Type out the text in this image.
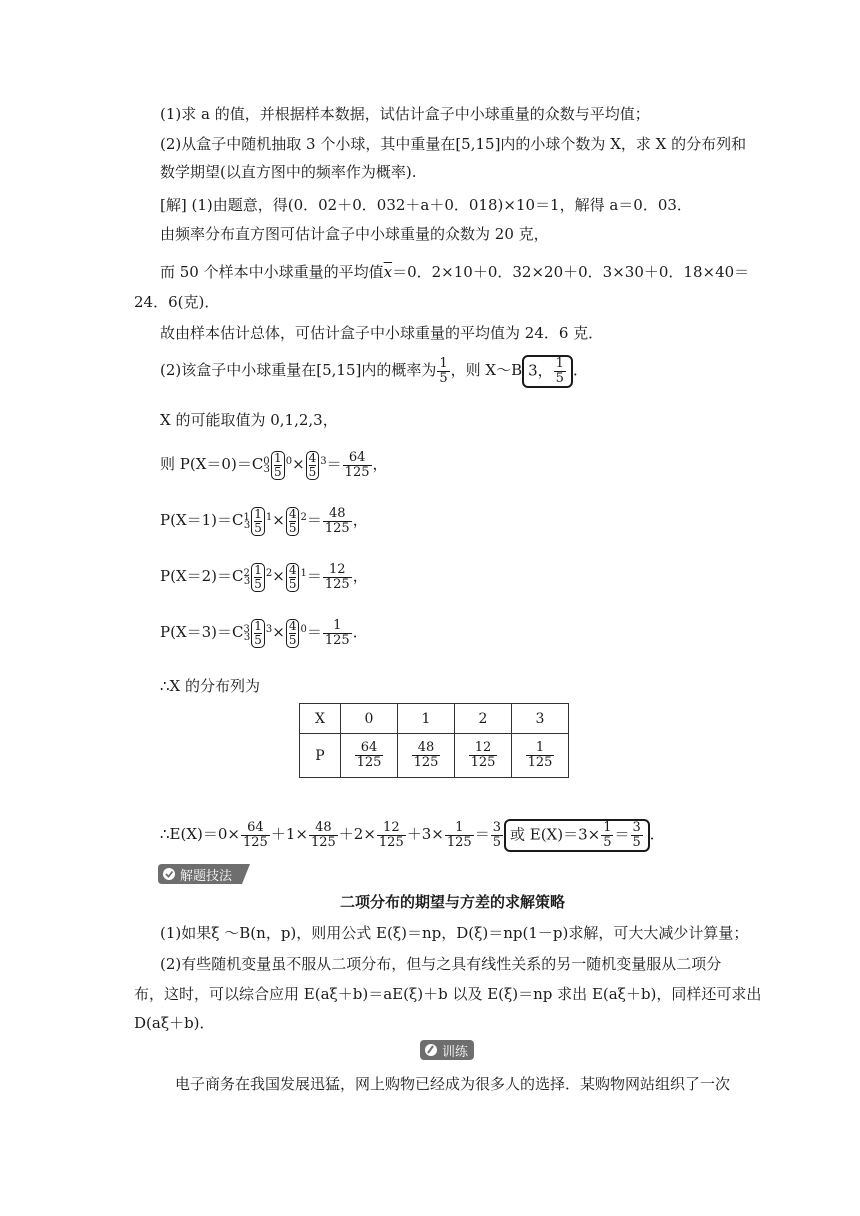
(1)求 a 的值，并根据样本数据，试估计盒子中小球重量的众数与平均值；
(2)从盒子中随机抽取 3 个小球，其中重量在[5,15]内的小球个数为 X，求 X 的分布列和
数学期望(以直方图中的频率作为概率).
[解] (1)由题意，得(0．02＋0．032＋a＋0．018)×10＝1，解得 a＝0．03．
由频率分布直方图可估计盒子中小球重量的众数为 20 克，
而 50 个样本中小球重量的平均值$\overline{x}=0$．2×10＋0．32×20＋0．3×30＋0．18×40＝
24．6(克)．
故由样本估计总体，可估计盒子中小球重量的平均值为 24．6 克．
(2)该盒子中小球重量在[5,15]内的概率为 $\frac{1}{5}$ ，则 X～B 3， $\frac{1}{5}$ ．
X 的可能取值为 0,1,2,3，
则 $P(X=0)=C^0_3 \frac{1}{5} ^0\times \frac{4}{5} ^3= \frac{64}{125}$ ，
$P(X=1)=C^1_3 \frac{1}{5} ^1\times \frac{4}{5} ^2= \frac{48}{125}$ ，
$P(X=2)=C^2_3 \frac{1}{5} ^2\times \frac{4}{5} ^1= \frac{12}{125}$ ，
$P(X=3)=C^3_3 \frac{1}{5} ^3\times \frac{4}{5} ^0= \frac{1}{125}$ ．
∴X 的分布列为
X	0	1	2	3
P	$\frac{64}{125}$	$\frac{48}{125}$	$\frac{12}{125}$	$\frac{1}{125}$
∴E(X)＝0× $\frac{64}{125} +1\times \frac{48}{125} +2\times \frac{12}{125} +3\times \frac{1}{125} = \frac{3}{5}$ 或 $E(X)=3\times \frac{1}{5} = \frac{3}{5}$ ．
解题技法
二项分布的期望与方差的求解策略
(1)如果ξ ～B(n，p)，则用公式 E(ξ)＝np，D(ξ)＝np(1－p)求解，可大大减少计算量；
(2)有些随机变量虽不服从二项分布，但与之具有线性关系的另一随机变量服从二项分
布，这时，可以综合应用 E(aξ＋b)＝aE(ξ)＋b 以及 E(ξ)＝np 求出 E(aξ＋b)，同样还可求出
D(aξ＋b)．
训练
电子商务在我国发展迅猛，网上购物已经成为很多人的选择．某购物网站组织了一次
